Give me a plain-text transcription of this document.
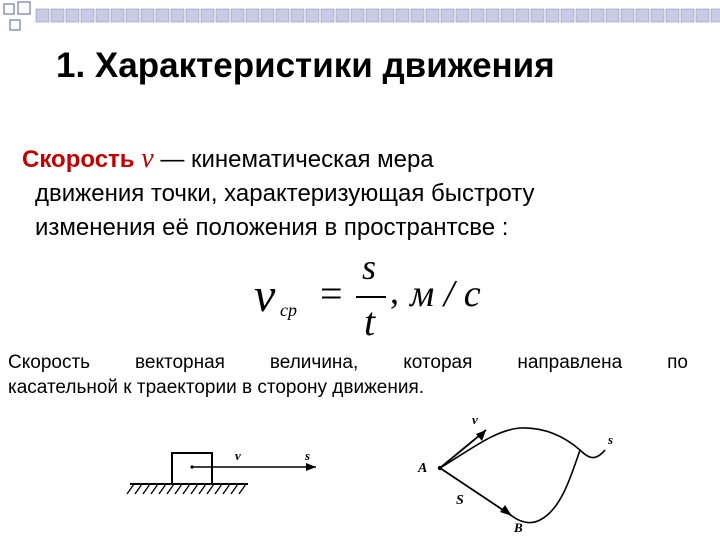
1. Характеристики движения
Скорость v — кинематическая мера
движения точки, характеризующая быстроту
изменения её положения в пространтсве :
v ср =
s
t
, м / с
Скорость векторная величина, которая направлена по
касательной к траектории в сторону движения.
v	s
v
s
A
S
B
